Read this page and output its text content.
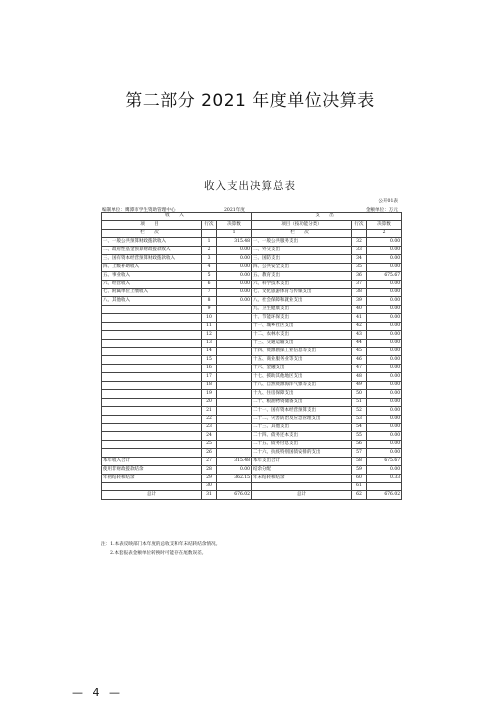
第二部分 2021 年度单位决算表
收入支出决算总表
公开01表
编制单位：鹰潭市学生资助管理中心	2021年度	金额单位：万元
收 入			支 出		
项 目	行次	决算数	项目（按功能分类）	行次	决算数
栏 次		1	栏 次		2
一、一般公共预算财政拨款收入	1	315.48	一、一般公共服务支出	32	0.00
二、政府性基金预算财政拨款收入	2	0.00	二、外交支出	33	0.00
三、国有资本经营预算财政拨款收入	3	0.00	三、国防支出	34	0.00
四、上级补助收入	4	0.00	四、公共安全支出	35	0.00
五、事业收入	5	0.00	五、教育支出	36	675.67
六、经营收入	6	0.00	六、科学技术支出	37	0.00
七、附属单位上缴收入	7	0.00	七、文化旅游体育与传媒支出	38	0.00
八、其他收入	8	0.00	八、社会保障和就业支出	39	0.00
	9		九、卫生健康支出	40	0.00
	10		十、节能环保支出	41	0.00
	11		十一、城乡社区支出	42	0.00
	12		十二、农林水支出	43	0.00
	13		十三、交通运输支出	44	0.00
	14		十四、资源勘探工业信息等支出	45	0.00
	15		十五、商业服务业等支出	46	0.00
	16		十六、金融支出	47	0.00
	17		十七、援助其他地区支出	48	0.00
	18		十八、自然资源海洋气象等支出	49	0.00
	19		十九、住房保障支出	50	0.00
	20		二十、粮油物资储备支出	51	0.00
	21		二十一、国有资本经营预算支出	52	0.00
	22		二十二、灾害防治及应急管理支出	53	0.00
	23		二十三、其他支出	54	0.00
	24		二十四、债务还本支出	55	0.00
	25		二十五、债务付息支出	56	0.00
	26		二十六、抗疫特别国债安排的支出	57	0.00
本年收入合计	27	315.48	本年支出合计	58	675.67
使用非财政拨款结余	28	0.00	结余分配	59	0.00
年初结转和结余	29	362.15	年末结转和结余	60	0.33
	30			61	
总计	31	676.02	总计	62	676.02
注：1.本表反映部门本年度的总收支和年末结转结余情况。
2.本套报表金额单位转换时可能存在尾数误差。
— 4 —
